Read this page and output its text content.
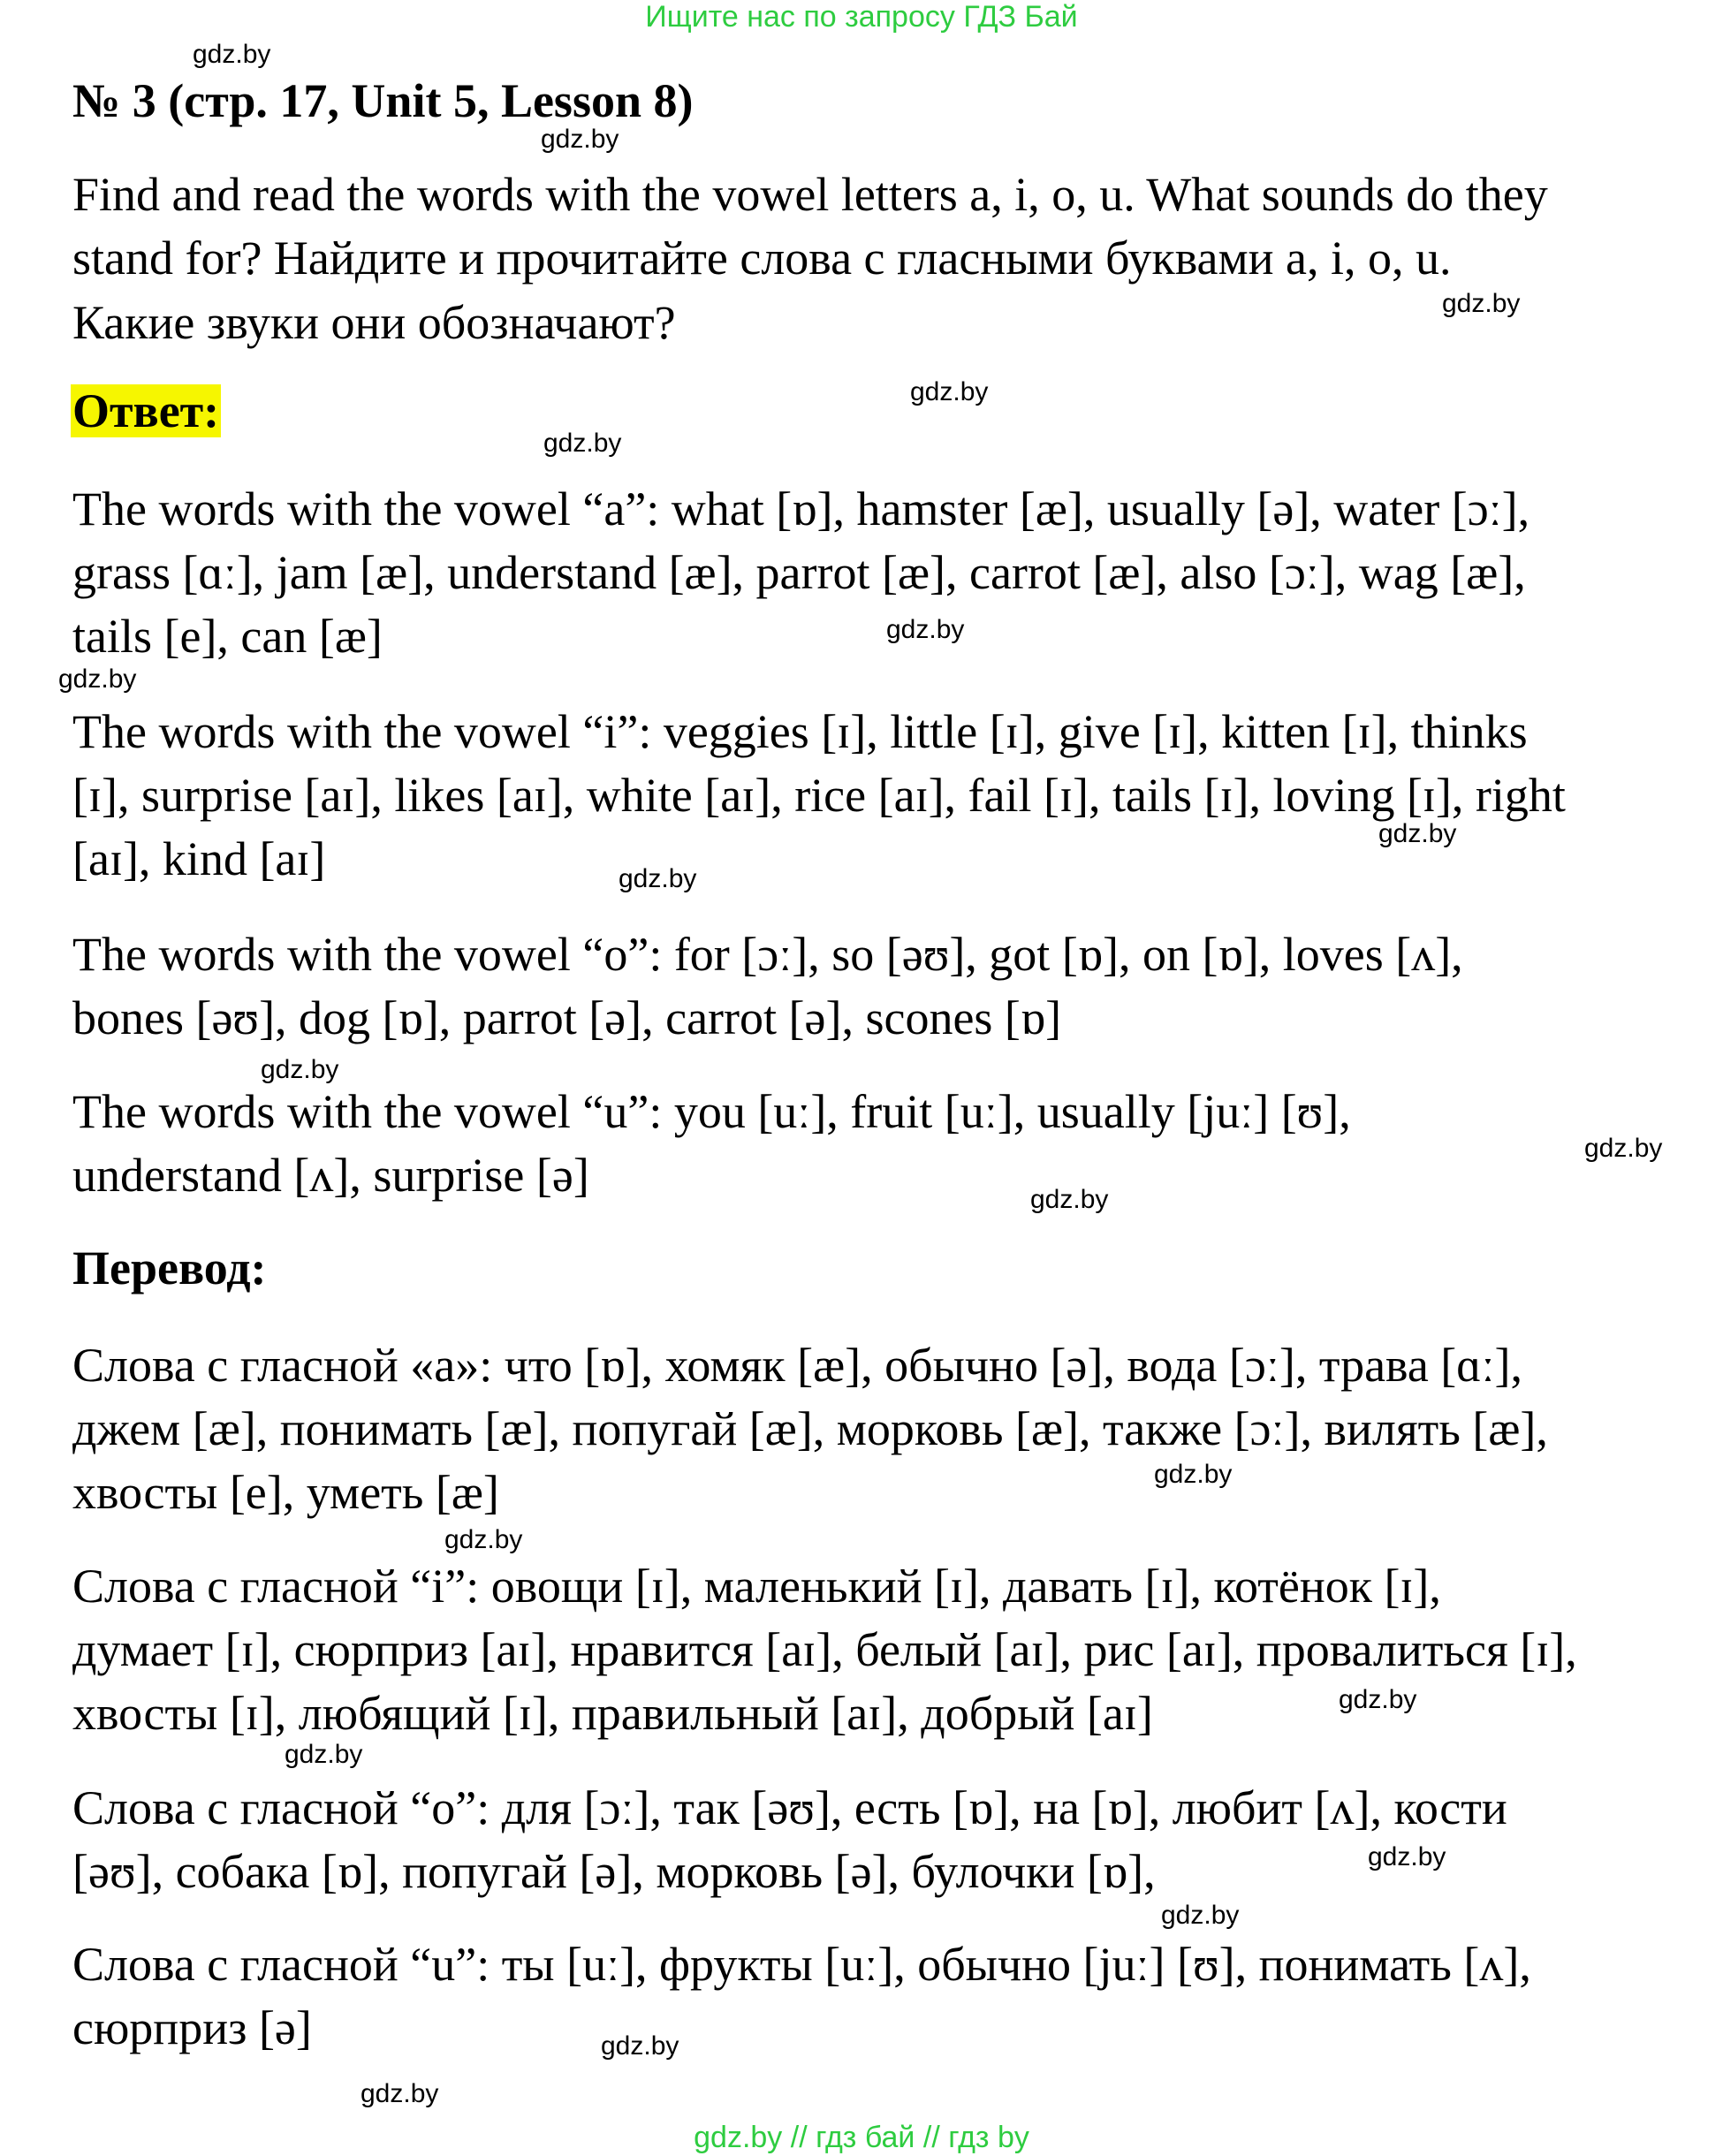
Ищите нас по запросу ГДЗ Бай
gdz.by
№ 3 (стр. 17, Unit 5, Lesson 8)
gdz.by
Find and read the words with the vowel letters a, i, o, u. What sounds do they
stand for? Найдите и прочитайте слова с гласными буквами a, i, o, u.
gdz.by
Какие звуки они обозначают?
gdz.by
Ответ:
gdz.by
The words with the vowel “a”: what [ɒ], hamster [æ], usually [ə], water [ɔː],
grass [ɑː], jam [æ], understand [æ], parrot [æ], carrot [æ], also [ɔː], wag [æ],
tails [e], can [æ]	gdz.by
gdz.by
The words with the vowel “i”: veggies [ɪ], little [ɪ], give [ɪ], kitten [ɪ], thinks
[ɪ], surprise [aɪ], likes [aɪ], white [aɪ], rice [aɪ], fail [ɪ], tails [ɪ], loving [ɪ], right
gdz.by
[aɪ], kind [aɪ]	gdz.by
The words with the vowel “o”: for [ɔː], so [əʊ], got [ɒ], on [ɒ], loves [ʌ],
bones [əʊ], dog [ɒ], parrot [ə], carrot [ə], scones [ɒ]
gdz.by
The words with the vowel “u”: you [uː], fruit [uː], usually [juː] [ʊ],
gdz.by
understand [ʌ], surprise [ə]	gdz.by
Перевод:
Слова с гласной «а»: что [ɒ], хомяк [æ], обычно [ə], вода [ɔː], трава [ɑː],
джем [æ], понимать [æ], попугай [æ], морковь [æ], также [ɔː], вилять [æ],
gdz.by
хвосты [e], уметь [æ]
gdz.by
Слова с гласной “i”: овощи [ɪ], маленький [ɪ], давать [ɪ], котёнок [ɪ],
думает [ɪ], сюрприз [aɪ], нравится [aɪ], белый [aɪ], рис [aɪ], провалиться [ɪ],
gdz.by
хвосты [ɪ], любящий [ɪ], правильный [aɪ], добрый [aɪ]
gdz.by
Слова с гласной “o”: для [ɔː], так [əʊ], есть [ɒ], на [ɒ], любит [ʌ], кости
gdz.by
[əʊ], собака [ɒ], попугай [ə], морковь [ə], булочки [ɒ],
gdz.by
Слова с гласной “u”: ты [uː], фрукты [uː], обычно [juː] [ʊ], понимать [ʌ],
сюрприз [ə]	gdz.by
gdz.by
gdz.by // гдз бай // гдз by
